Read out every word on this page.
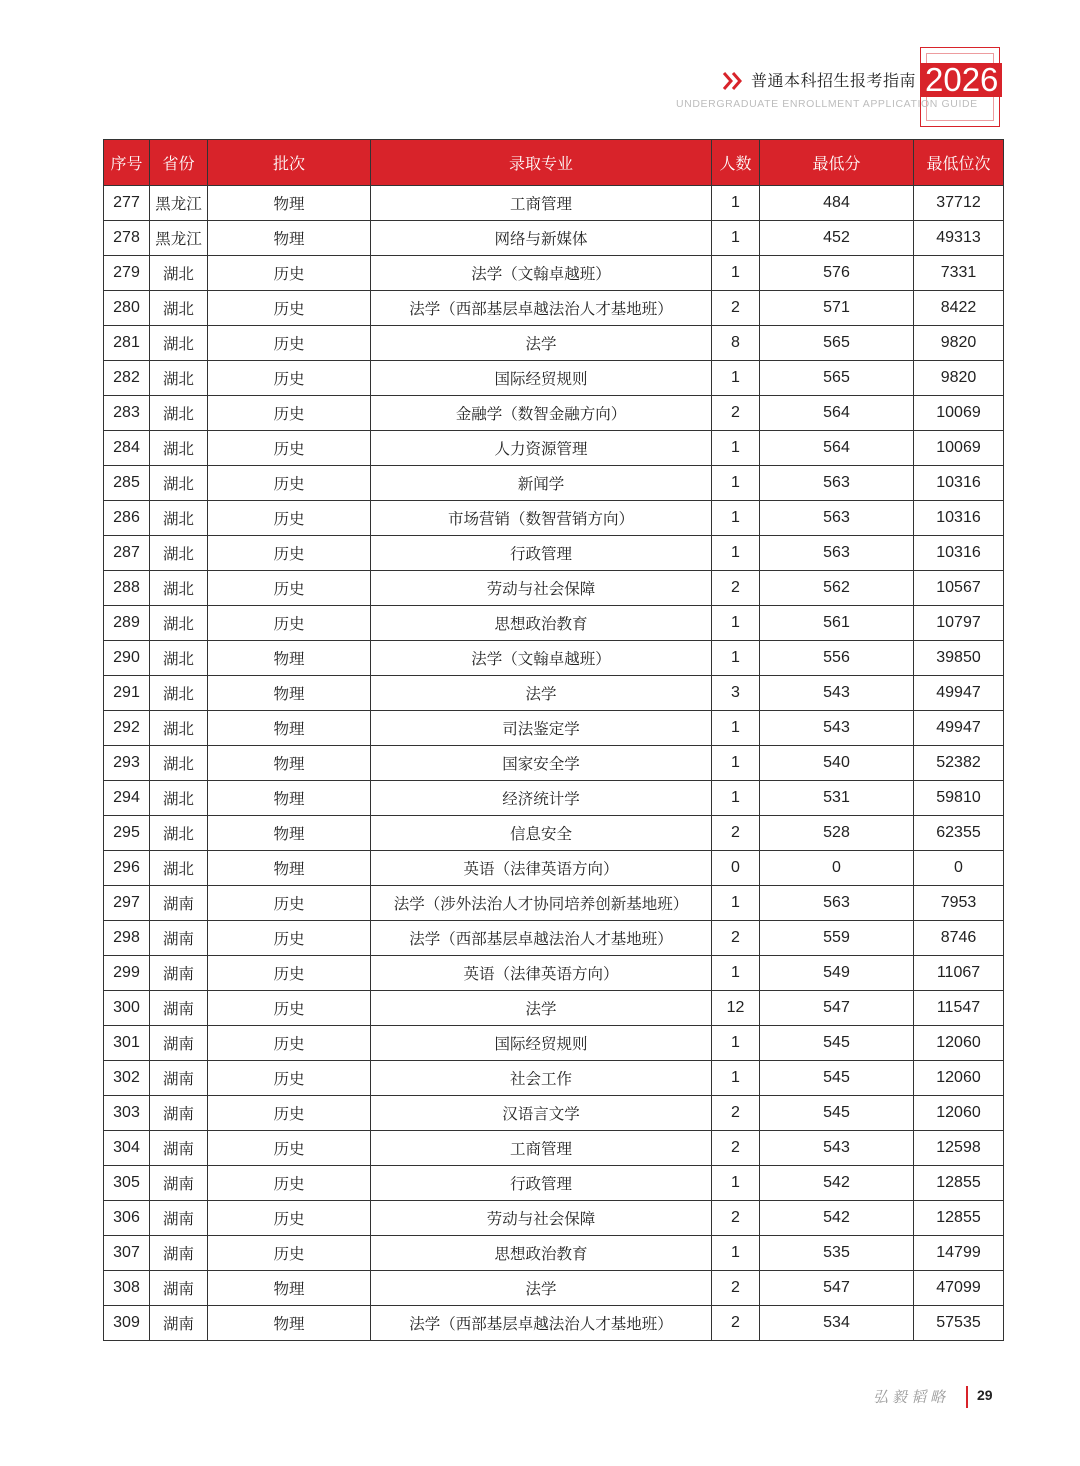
普通本科招生报考指南 2026
UNDERGRADUATE ENROLLMENT APPLICATION GUIDE
序号	省份	批次	录取专业	人数	最低分	最低位次
277	黑龙江	物理	工商管理	1	484	37712
278	黑龙江	物理	网络与新媒体	1	452	49313
279	湖北	历史	法学（文翰卓越班）	1	576	7331
280	湖北	历史	法学（西部基层卓越法治人才基地班）	2	571	8422
281	湖北	历史	法学	8	565	9820
282	湖北	历史	国际经贸规则	1	565	9820
283	湖北	历史	金融学（数智金融方向）	2	564	10069
284	湖北	历史	人力资源管理	1	564	10069
285	湖北	历史	新闻学	1	563	10316
286	湖北	历史	市场营销（数智营销方向）	1	563	10316
287	湖北	历史	行政管理	1	563	10316
288	湖北	历史	劳动与社会保障	2	562	10567
289	湖北	历史	思想政治教育	1	561	10797
290	湖北	物理	法学（文翰卓越班）	1	556	39850
291	湖北	物理	法学	3	543	49947
292	湖北	物理	司法鉴定学	1	543	49947
293	湖北	物理	国家安全学	1	540	52382
294	湖北	物理	经济统计学	1	531	59810
295	湖北	物理	信息安全	2	528	62355
296	湖北	物理	英语（法律英语方向）	0	0	0
297	湖南	历史	法学（涉外法治人才协同培养创新基地班）	1	563	7953
298	湖南	历史	法学（西部基层卓越法治人才基地班）	2	559	8746
299	湖南	历史	英语（法律英语方向）	1	549	11067
300	湖南	历史	法学	12	547	11547
301	湖南	历史	国际经贸规则	1	545	12060
302	湖南	历史	社会工作	1	545	12060
303	湖南	历史	汉语言文学	2	545	12060
304	湖南	历史	工商管理	2	543	12598
305	湖南	历史	行政管理	1	542	12855
306	湖南	历史	劳动与社会保障	2	542	12855
307	湖南	历史	思想政治教育	1	535	14799
308	湖南	物理	法学	2	547	47099
309	湖南	物理	法学（西部基层卓越法治人才基地班）	2	534	57535
弘毅韬略 29
